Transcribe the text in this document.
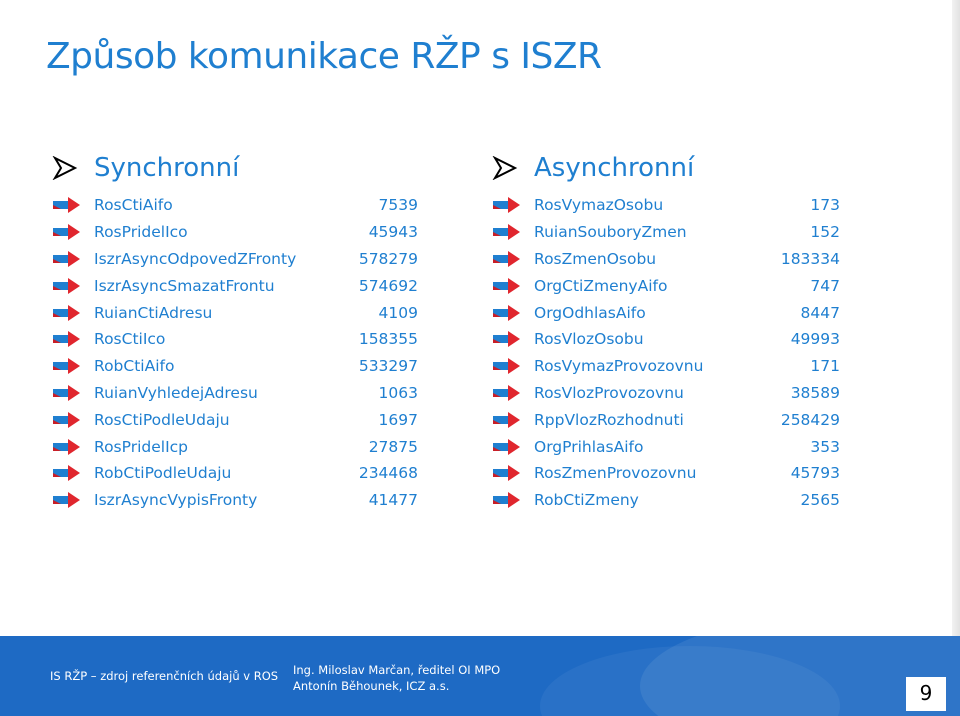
Způsob komunikace RŽP s ISZR
Synchronní
RosCtiAifo	7539
RosPridelIco	45943
IszrAsyncOdpovedZFronty	578279
IszrAsyncSmazatFrontu	574692
RuianCtiAdresu	4109
RosCtiIco	158355
RobCtiAifo	533297
RuianVyhledejAdresu	1063
RosCtiPodleUdaju	1697
RosPridelIcp	27875
RobCtiPodleUdaju	234468
IszrAsyncVypisFronty	41477
Asynchronní
RosVymazOsobu	173
RuianSouboryZmen	152
RosZmenOsobu	183334
OrgCtiZmenyAifo	747
OrgOdhlasAifo	8447
RosVlozOsobu	49993
RosVymazProvozovnu	171
RosVlozProvozovnu	38589
RppVlozRozhodnuti	258429
OrgPrihlasAifo	353
RosZmenProvozovnu	45793
RobCtiZmeny	2565
IS RŽP – zdroj referenčních údajů v ROS Ing. Miloslav Marčan, ředitel OI MPO
Antonín Běhounek, ICZ a.s.	9
